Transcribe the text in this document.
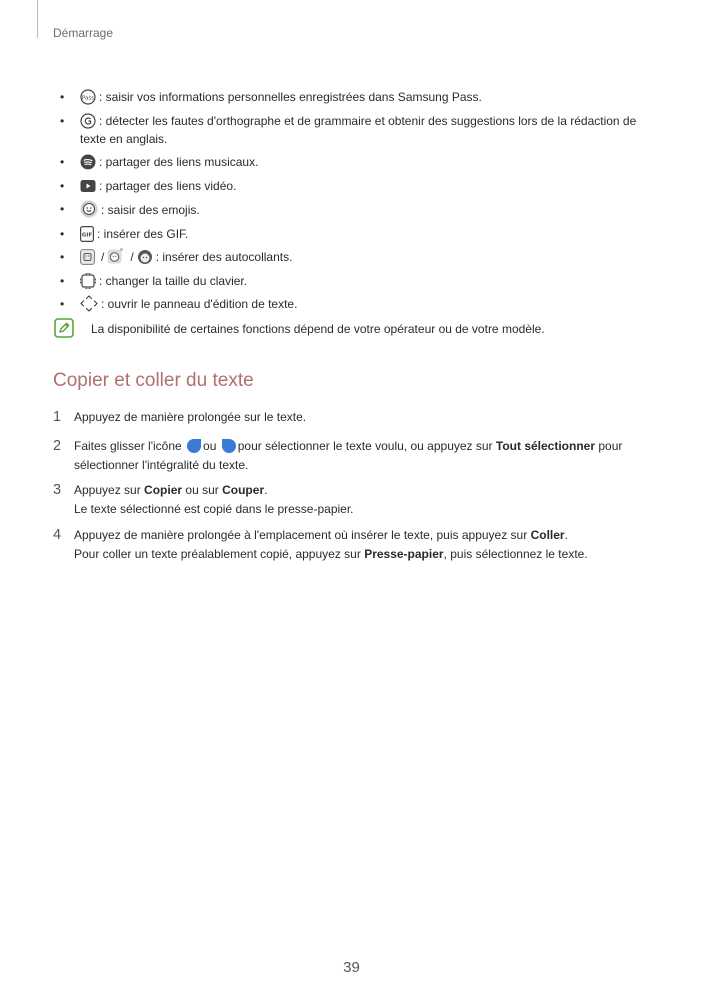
Démarrage
•	Pass : saisir vos informations personnelles enregistrées dans Samsung Pass.
•	: détecter les fautes d'orthographe et de grammaire et obtenir des suggestions lors de la rédaction de texte en anglais.
•	: partager des liens musicaux.
•	: partager des liens vidéo.
•	: saisir des emojis.
•	GIF : insérer des GIF.
•	/ / : insérer des autocollants.
•	: changer la taille du clavier.
•	: ouvrir le panneau d'édition de texte.
La disponibilité de certaines fonctions dépend de votre opérateur ou de votre modèle.
Copier et coller du texte
1 Appuyez de manière prolongée sur le texte.
2 Faites glisser l'icône ou pour sélectionner le texte voulu, ou appuyez sur Tout sélectionner pour sélectionner l'intégralité du texte.
3 Appuyez sur Copier ou sur Couper.
Le texte sélectionné est copié dans le presse-papier.
4 Appuyez de manière prolongée à l'emplacement où insérer le texte, puis appuyez sur Coller.
Pour coller un texte préalablement copié, appuyez sur Presse-papier, puis sélectionnez le texte.
39
